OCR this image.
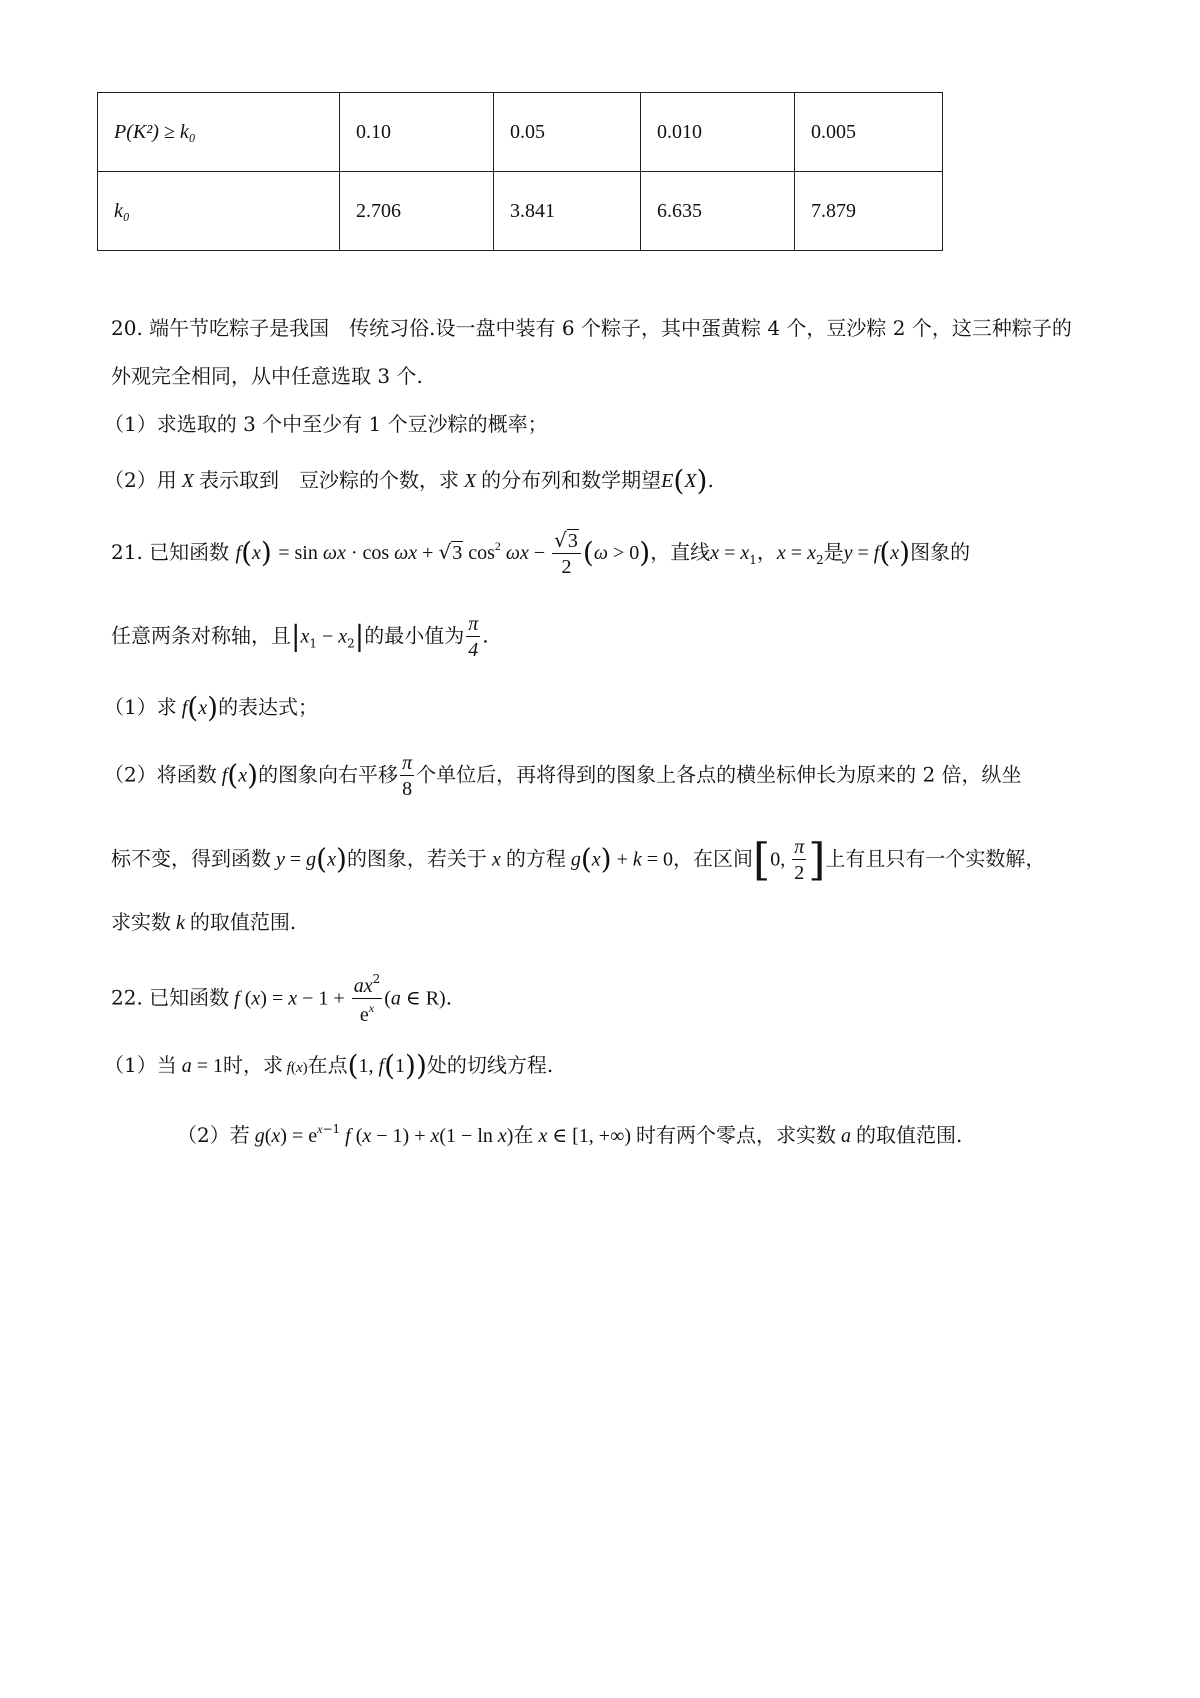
P(K²) ≥ k₀	0.10	0.05	0.010	0.005
k₀	2.706	3.841	6.635	7.879
20. 端午节吃粽子是我国　传统习俗.设一盘中装有 6 个粽子，其中蛋黄粽 4 个，豆沙粽 2 个，这三种粽子的
外观完全相同，从中任意选取 3 个.
（1）求选取的 3 个中至少有 1 个豆沙粽的概率；
（2）用 X 表示取到　豆沙粽的个数，求 X 的分布列和数学期望E(X).
21. 已知函数 f(x) = sin ωx · cos ωx + √3 $\cos^2 \omega x - \frac{√3}{2} (\omega > 0)$，直线$x = x_1$，$x = x_2$是y = f(x)图象的
任意两条对称轴，且$|x_1 - x_2|$的最小值为 $\frac{\pi}{4}$ .
（1）求 f(x)的表达式；
（2）将函数 f(x)的图象向右平移 $\frac{\pi}{8}$ 个单位后，再将得到的图象上各点的横坐标伸长为原来的 2 倍，纵坐
标不变，得到函数 y = g(x)的图象，若关于 x 的方程 g(x) + k = 0，在区间[0, $\frac{\pi}{2}$ ]上有且只有一个实数解，
求实数 k 的取值范围.
22. 已知函数 f $(x) = x - 1 + \frac{ax^2}{e^x} (a$ ∈ R).
（1）当 a = 1时，求 f(x)在点(1, f(1))处的切线方程.
（2）若 $g(x) = e^{x-1}$ f (x − 1) + x(1 − ln x)在 x ∈ [1, +∞) 时有两个零点，求实数 a 的取值范围.
